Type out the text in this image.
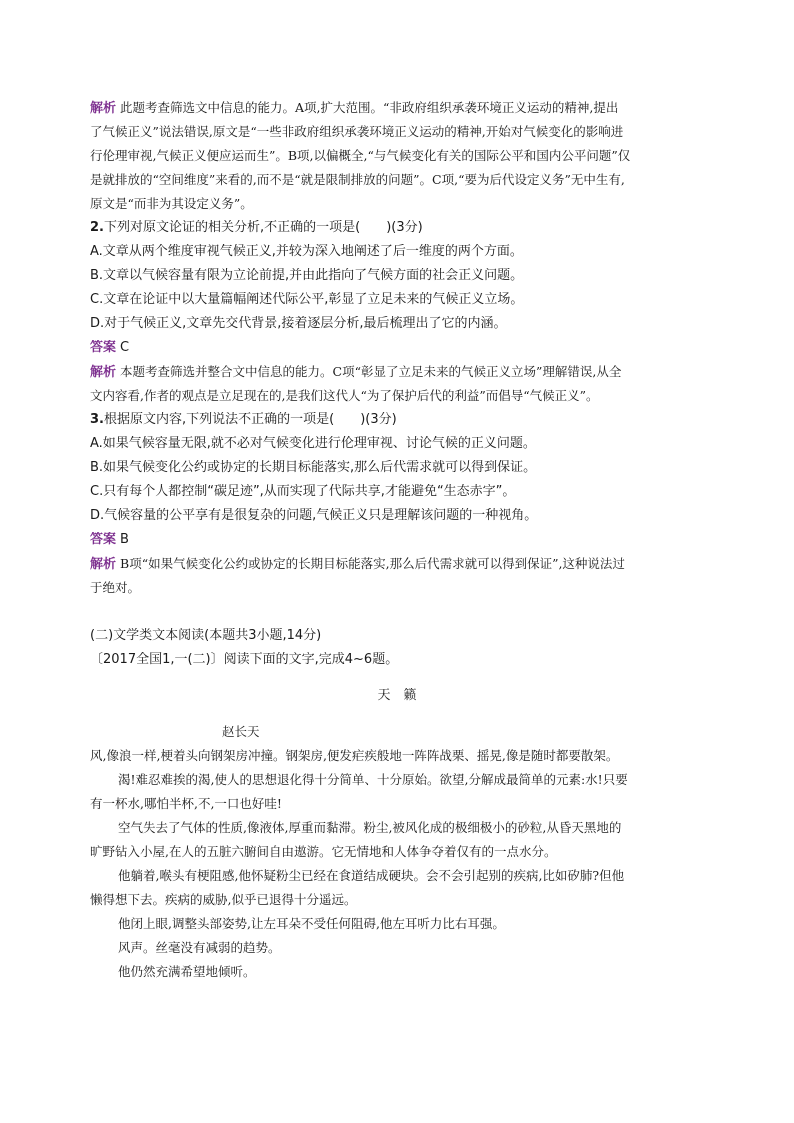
解析 此题考查筛选文中信息的能力。A项,扩大范围。“非政府组织承袭环境正义运动的精神,提出
了气候正义”说法错误,原文是“一些非政府组织承袭环境正义运动的精神,开始对气候变化的影响进
行伦理审视,气候正义便应运而生”。B项,以偏概全,“与气候变化有关的国际公平和国内公平问题”仅
是就排放的“空间维度”来看的,而不是“就是限制排放的问题”。C项,“要为后代设定义务”无中生有,
原文是“而非为其设定义务”。
2.下列对原文论证的相关分析,不正确的一项是(　　)(3分)
A.文章从两个维度审视气候正义,并较为深入地阐述了后一维度的两个方面。
B.文章以气候容量有限为立论前提,并由此指向了气候方面的社会正义问题。
C.文章在论证中以大量篇幅阐述代际公平,彰显了立足未来的气候正义立场。
D.对于气候正义,文章先交代背景,接着逐层分析,最后梳理出了它的内涵。
答案 C
解析 本题考查筛选并整合文中信息的能力。C项“彰显了立足未来的气候正义立场”理解错误,从全
文内容看,作者的观点是立足现在的,是我们这代人“为了保护后代的利益”而倡导“气候正义”。
3.根据原文内容,下列说法不正确的一项是(　　)(3分)
A.如果气候容量无限,就不必对气候变化进行伦理审视、讨论气候的正义问题。
B.如果气候变化公约或协定的长期目标能落实,那么后代需求就可以得到保证。
C.只有每个人都控制“碳足迹”,从而实现了代际共享,才能避免“生态赤字”。
D.气候容量的公平享有是很复杂的问题,气候正义只是理解该问题的一种视角。
答案 B
解析 B项“如果气候变化公约或协定的长期目标能落实,那么后代需求就可以得到保证”,这种说法过
于绝对。
(二)文学类文本阅读(本题共3小题,14分)
〔2017全国1,一(二)〕阅读下面的文字,完成4~6题。
天　籁
赵长天
风,像浪一样,梗着头向钢架房冲撞。钢架房,便发疟疾般地一阵阵战栗、摇晃,像是随时都要散架。
渴!难忍难挨的渴,使人的思想退化得十分简单、十分原始。欲望,分解成最简单的元素:水!只要
有一杯水,哪怕半杯,不,一口也好哇!
空气失去了气体的性质,像液体,厚重而黏滞。粉尘,被风化成的极细极小的砂粒,从昏天黑地的
旷野钻入小屋,在人的五脏六腑间自由遨游。它无情地和人体争夺着仅有的一点水分。
他躺着,喉头有梗阻感,他怀疑粉尘已经在食道结成硬块。会不会引起别的疾病,比如矽肺?但他
懒得想下去。疾病的威胁,似乎已退得十分遥远。
他闭上眼,调整头部姿势,让左耳朵不受任何阻碍,他左耳听力比右耳强。
风声。丝毫没有减弱的趋势。
他仍然充满希望地倾听。
